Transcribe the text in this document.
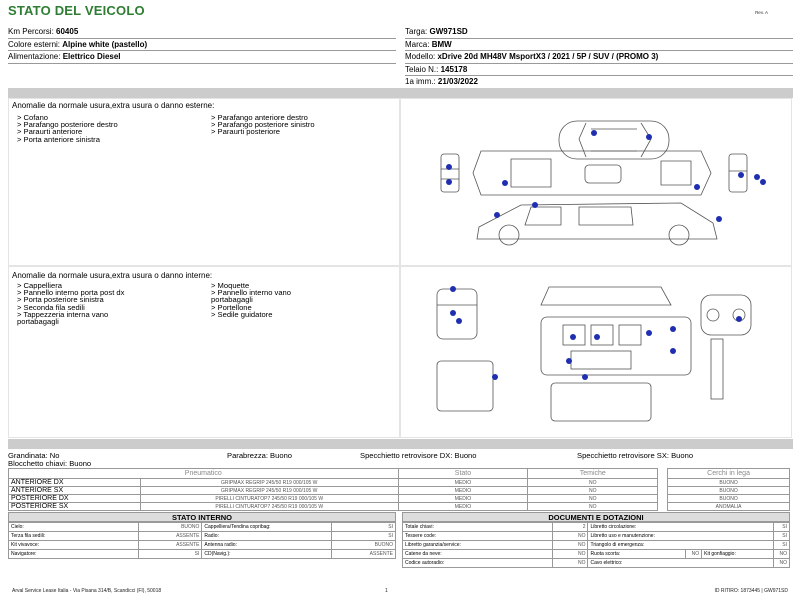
STATO DEL VEICOLO	Rev. A
Km Percorsi: 60405
Colore esterni: Alpine white (pastello)
Alimentazione: Elettrico Diesel
Targa: GW971SD
Marca: BMW
Modello: xDrive 20d MH48V MsportX3 / 2021 / 5P / SUV / (PROMO 3)
Telaio N.: 145178
1a imm.: 21/03/2022
Anomalie da normale usura,extra usura o danno esterne:
> Cofano
> Parafango posteriore destro
> Paraurti anteriore
> Porta anteriore sinistra
> Parafango anteriore destro
> Parafango posteriore sinistro
> Paraurti posteriore
Anomalie da normale usura,extra usura o danno interne:
> Cappelliera
> Pannello interno porta post dx
> Porta posteriore sinistra
> Seconda fila sedili
> Tappezzeria interna vano
portabagagli
> Moquette
> Pannello interno vano
portabagagli
> Portellone
> Sedile guidatore
Grandinata: No	Parabrezza: Buono	Specchietto retrovisore DX: Buono	Specchietto retrovisore SX: Buono
Blocchetto chiavi: Buono
Pneumatico		Stato	Temiche		Cerchi in lega
ANTERIORE DX	GRIPMAX REGRIP 245/50 R19 000/105 W	MEDIO	NO		BUONO
ANTERIORE SX	GRIPMAX REGRIP 245/50 R19 000/105 W	MEDIO	NO		BUONO
POSTERIORE DX	PIRELLI CINTURATOP7 245/50 R19 000/105 W	MEDIO	NO		BUONO
POSTERIORE SX	PIRELLI CINTURATOP7 245/50 R19 000/105 W	MEDIO	NO		ANOMALIA
STATO INTERNO
Cielo:	BUONO	Cappelliera/Tendina copribag:	SI
Terza fila sedili:	ASSENTE	Radio:	SI
Kit vivavoce:	ASSENTE	Antenna radio:	BUONO
Navigatore:	SI	CD(Navig.):	ASSENTE
DOCUMENTI E DOTAZIONI
Totale chiavi:	2	Libretto circolazione:			SI
Tessere code:	NO	Libretto uso e manutenzione:			SI
Libretto garanzia/service:	NO	Triangolo di emergenza:			SI
Catene da neve:	NO	Ruota scorta:	NO	Kit gonfiaggio:	NO
Codice autoradio:	NO	Cavo elettrico:			NO
Arval Service Lease Italia - Via Pisana 314/B, Scandicci (FI), 50018	1	ID RITIRO: 1873445 | GW971SD
